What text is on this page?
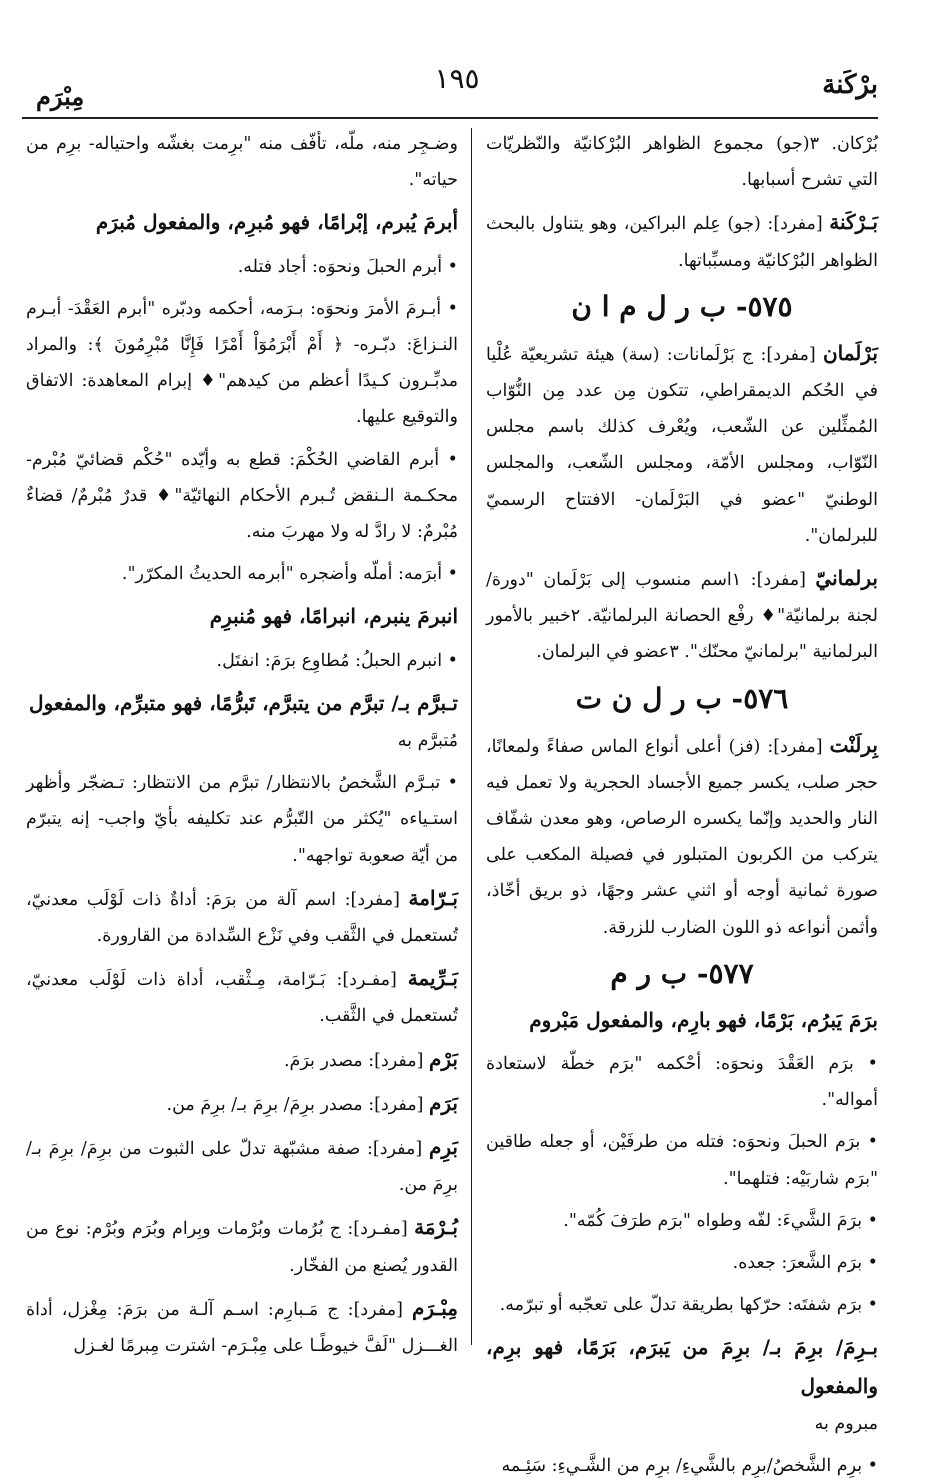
برْكَنة
١٩٥
مِبْرَم

بُرْكان. ٣(جو) مجموع الظواهر البُرْكانيّة والنّظريّات التي تشرح أسبابها.

بَـرْكَنة [مفرد]: (جو) عِلم البراكين، وهو يتناول بالبحث الظواهر البُرْكانيّة ومسبِّباتها.

٥٧٥- ب ر ل م ا ن

بَرْلَمان [مفرد]: ج بَرْلَمانات: (سة) هيئة تشريعيّة عُلْيا في الحُكم الديمقراطي، تتكون مِن عدد مِن النُّوّاب المُمثِّلين عن الشّعب، ويُعْرف كذلك باسم مجلس النّوّاب، ومجلس الأمّة، ومجلس الشّعب، والمجلس الوطنيّ "عضو في البَرْلَمان- الافتتاح الرسميّ للبرلمان".

برلمانيّ [مفرد]: ١اسم منسوب إلى بَرْلَمان "دورة/ لجنة برلمانيّة"♦ رفْع الحصانة البرلمانيّة. ٢خبير بالأمور البرلمانية "برلمانيّ محنّك". ٣عضو في البرلمان.

٥٧٦- ب ر ل ن ت

بِرلَنْت [مفرد]: (فز) أعلى أنواع الماس صفاءً ولمعانًا، حجر صلب، يكسر جميع الأجساد الحجرية ولا تعمل فيه النار والحديد وإنّما يكسره الرصاص، وهو معدن شفّاف يتركب من الكربون المتبلور في فصيلة المكعب على صورة ثمانية أوجه أو اثني عشر وجهًا، ذو بريق أخّاذ، وأثمن أنواعه ذو اللون الضارب للزرقة.

٥٧٧- ب ر م

برَمَ يَبرُم، بَرْمًا، فهو بارِم، والمفعول مَبْروم

• برَم العَقْدَ ونحوَه: أحْكمه "برَم خطّة لاستعادة أمواله".

• برَم الحبلَ ونحوَه: فتله من طرفَيْن، أو جعله طاقين "برَم شاربَيْه: فتلهما".

• برَمَ الشَّيءَ: لفّه وطواه "برَم طرَفَ كُمّه".

• برَم الشَّعرَ: جعده.

• برَم شفتَه: حرّكها بطريقة تدلّ على تعجّبه أو تبرّمه.

بـرِمَ/ برِمَ بـ/ برِمَ من يَبرَم، بَرَمًا، فهو برِم، والمفعول
مبروم به

• برِم الشَّخصُ/برِم بالشَّيءِ/ برِم من الشَّـيءِ: سَئِـمه

وضـجِر منه، ملّه، تأفّف منه "برِمت بغشّه واحتياله- برِم من حياته".

أبرمَ يُبرم، إبْرامًا، فهو مُبرِم، والمفعول مُبرَم

• أبرم الحبلَ ونحوَه: أجاد فتله.

• أبـرمَ الأمرَ ونحوَه: بـرَمه، أحكمه ودبّره "أبرم العَقْدَ- أبـرم النـزاعَ: دبّـره- ﴿ أَمْ أَبْرَمُوٓاْ أَمْرًا فَإِنَّا مُبْرِمُونَ ﴾: والمراد مدبِّـرون كـيدًا أعظم من كيدهم"♦ إبرام المعاهدة: الاتفاق والتوقيع عليها.

• أبرم القاضي الحُكْمَ: قطع به وأيّده "حُكْم قضائيّ مُبْرم- محكـمة الـنقض تُـبرم الأحكام النهائيّة"♦ قدرٌ مُبْرمٌ/ قضاءٌ مُبْرمٌ: لا رادَّ له ولا مهربَ منه.

• أبرَمه: أملّه وأضجره "أبرمه الحديثُ المكرّر".

انبرمَ ينبرم، انبرامًا، فهو مُنبرِم

• انبرم الحبلُ: مُطاوِع برَمَ: انفتَل.

تـبرَّم بـ/ تبرَّم من يتبرَّم، تَبرُّمًا، فهو متبرِّم، والمفعول
مُتبرَّم به

• تبـرَّم الشَّخصُ بالانتظار/ تبرَّم من الانتظار: تـضجّر وأظهر استـياءه "يُكثر من التّبرُّم عند تكليفه بأيّ واجب- إنه يتبرّم من أيّة صعوبة تواجهه".

بَـرّامة [مفرد]: اسم آلة من برَمَ: أداةٌ ذات لَوْلَب معدنيّ، تُستعمل في الثَّقب وفي نَزْع السِّدادة من القارورة.

بَـرِّيمة [مفـرد]: بَـرّامة، مِـثْقب، أداة ذات لَوْلَب معدنيّ، تُستعمل في الثَّقب.

بَرْم [مفرد]: مصدر برَمَ.

بَرَم [مفرد]: مصدر برِمَ/ برِمَ بـ/ برِمَ من.

بَرِم [مفرد]: صفة مشبّهة تدلّ على الثبوت من برِمَ/ برِمَ بـ/ برِمَ من.

بُـرْمَة [مفـرد]: ج بُرُمات وبُرْمات وبِرام وبُرَم وبُرْم: نوع من القدور يُصنع من الفخّار.

مِبْـرَم [مفرد]: ج مَـبارِم: اسـم آلـة من برَمَ: مِغْزل، أداة الغـــزل "لَفَّ خيوطًـا على مِبْـرَم- اشترت مِبرمًا لغـزل
